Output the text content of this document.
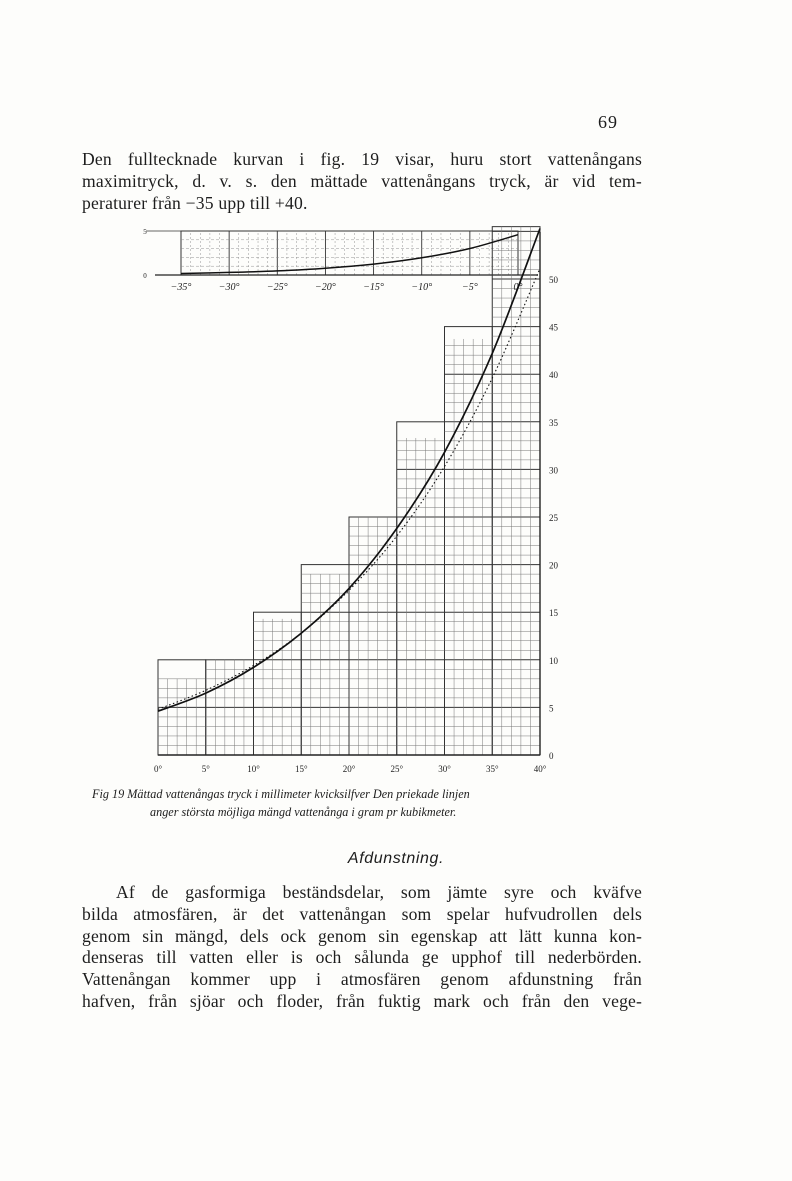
69
Den fulltecknade kurvan i fig. 19 visar, huru stort vattenångans
maximitryck, d. v. s. den mättade vattenångans tryck, är vid tem-
peraturer från −35 upp till +40.
0°	5°	10°	15°	20°	25°	30°	35°	40°
0
5
10
15
20
25
30
35
40
45
50
−35°	−30°	−25°	−20°	−15°	−10°	−5°	0°
5
0
Fig 19 Mättad vattenångas tryck i millimeter kvicksilfver Den priekade linjen
anger största möjliga mängd vattenånga i gram pr kubikmeter.
Afdunstning.
Af de gasformiga beständsdelar, som jämte syre och kväfve
bilda atmosfären, är det vattenångan som spelar hufvudrollen dels
genom sin mängd, dels ock genom sin egenskap att lätt kunna kon-
denseras till vatten eller is och sålunda ge upphof till nederbörden.
Vattenångan kommer upp i atmosfären genom afdunstning från
hafven, från sjöar och floder, från fuktig mark och från den vege-
